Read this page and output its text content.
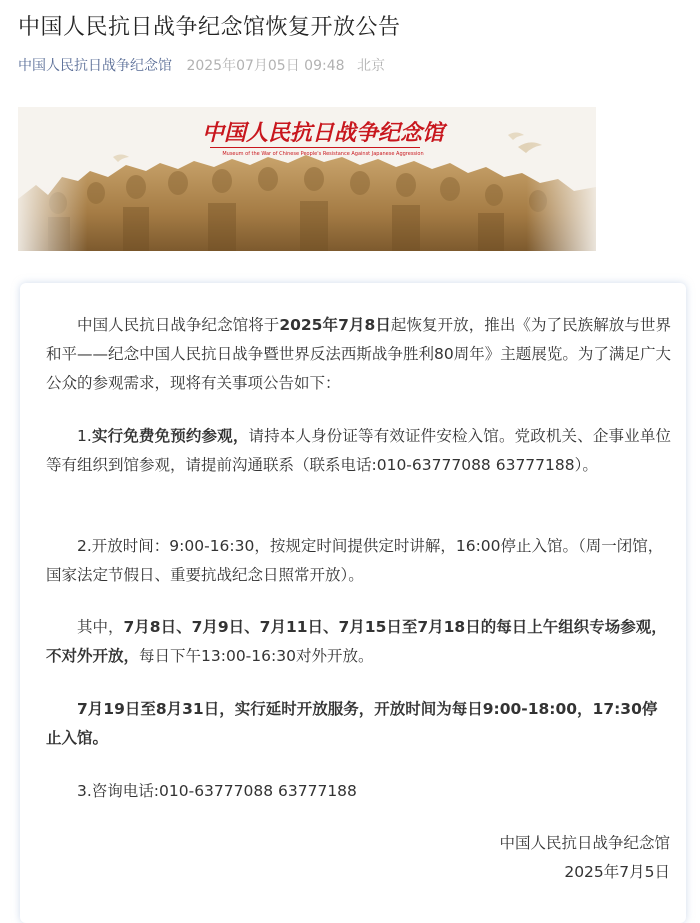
中国人民抗日战争纪念馆恢复开放公告
中国人民抗日战争纪念馆 2025年07月05日 09:48 北京
中国人民抗日战争纪念馆
Museum of the War of Chinese People's Resistance Against Japanese Aggression

中国人民抗日战争纪念馆将于2025年7月8日起恢复开放，推出《为了民族解放与世界和平——纪念中国人民抗日战争暨世界反法西斯战争胜利80周年》主题展览。为了满足广大公众的参观需求，现将有关事项公告如下：

1.实行免费免预约参观，请持本人身份证等有效证件安检入馆。党政机关、企事业单位等有组织到馆参观，请提前沟通联系（联系电话:010-63777088 63777188）。

2.开放时间：9:00-16:30，按规定时间提供定时讲解，16:00停止入馆。（周一闭馆，国家法定节假日、重要抗战纪念日照常开放）。

其中，7月8日、7月9日、7月11日、7月15日至7月18日的每日上午组织专场参观，不对外开放，每日下午13:00-16:30对外开放。

7月19日至8月31日，实行延时开放服务，开放时间为每日9:00-18:00，17:30停止入馆。

3.咨询电话:010-63777088 63777188

中国人民抗日战争纪念馆
2025年7月5日
